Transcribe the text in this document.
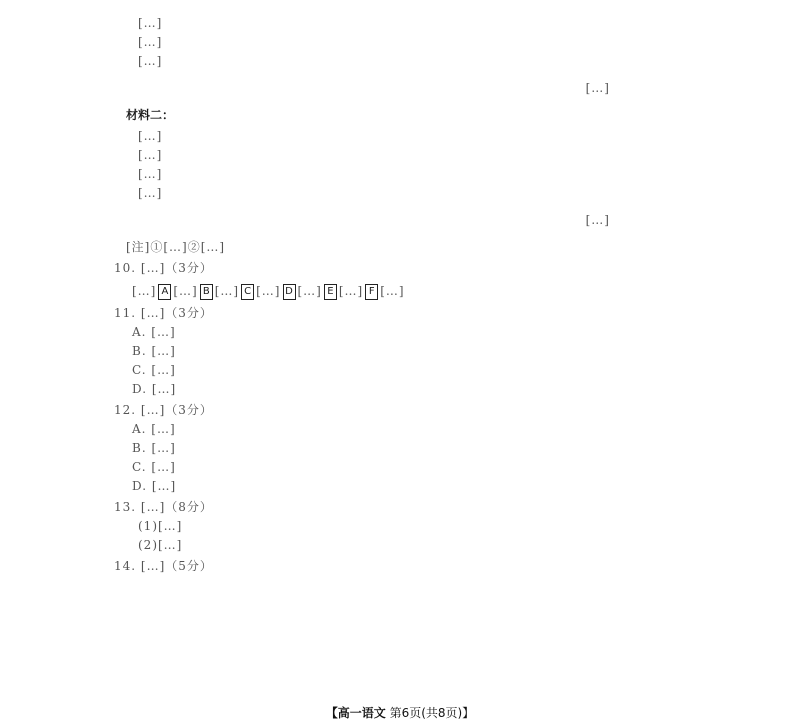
[…]

[…]

[…]

[…]

材料二：

[…]

[…]

[…]

[…]

[…]

[注]①[…]②[…]

10. […]（3分）

[…] A […] B […] C […] D […] E […] F […]

11. […]（3分）

A. […]

B. […]

C. […]

D. […]

12. […]（3分）

A. […]

B. […]

C. […]

D. […]

13. […]（8分）

(1)[…]

(2)[…]

14. […]（5分）

【高一语文 第6页(共8页)】
